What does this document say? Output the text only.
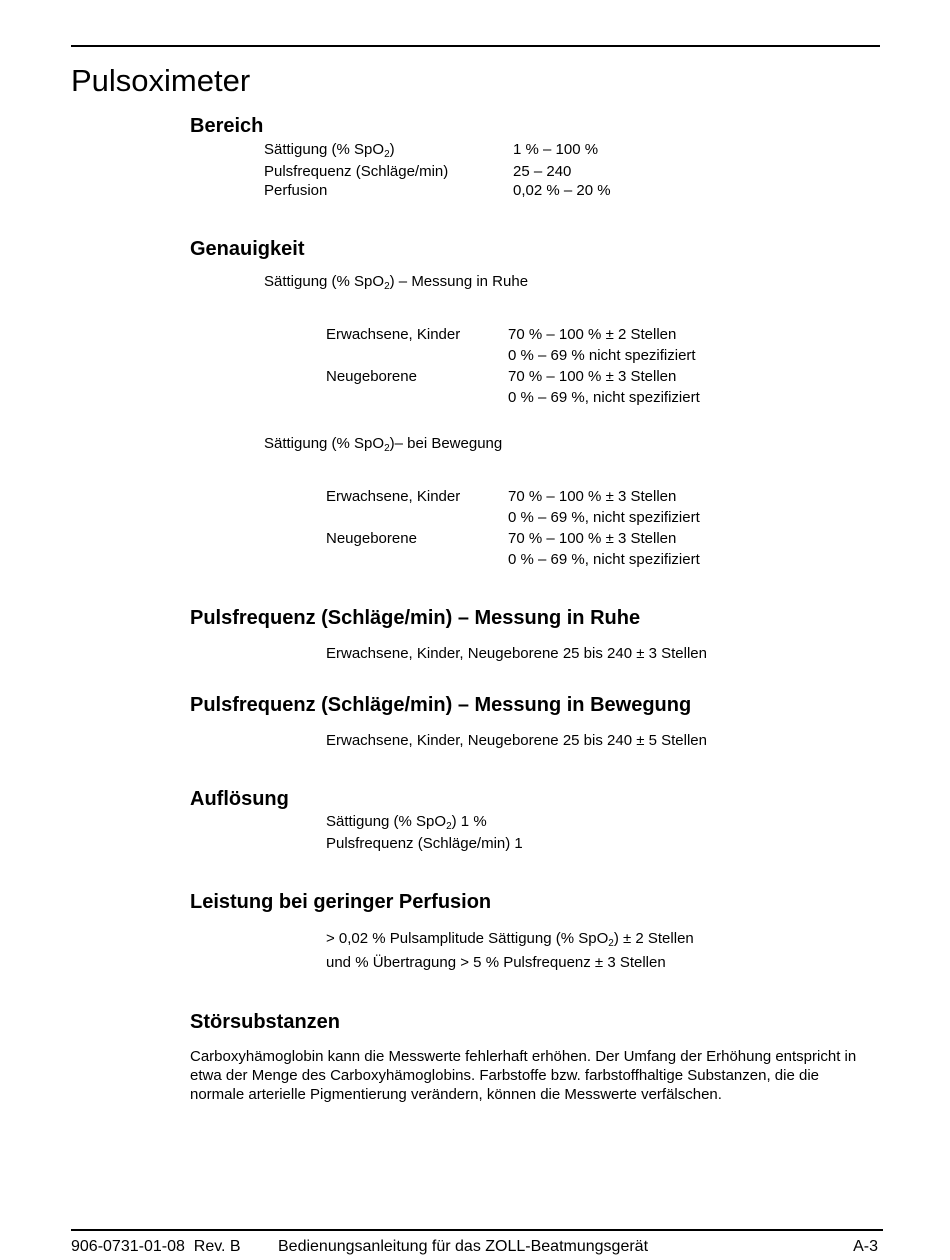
Pulsoximeter
Bereich
Sättigung (% SpO$_2$)	1 % – 100 %
Pulsfrequenz (Schläge/min)	25 – 240
Perfusion	0,02 % – 20 %
Genauigkeit
Sättigung (% SpO$_2$) – Messung in Ruhe
Erwachsene, Kinder	70 % – 100 % ± 2 Stellen
0 % – 69 % nicht spezifiziert
Neugeborene	70 % – 100 % ± 3 Stellen
0 % – 69 %, nicht spezifiziert
Sättigung (% SpO$_2$)– bei Bewegung
Erwachsene, Kinder	70 % – 100 % ± 3 Stellen
0 % – 69 %, nicht spezifiziert
Neugeborene	70 % – 100 % ± 3 Stellen
0 % – 69 %, nicht spezifiziert
Pulsfrequenz (Schläge/min) – Messung in Ruhe
Erwachsene, Kinder, Neugeborene 25 bis 240 ± 3 Stellen
Pulsfrequenz (Schläge/min) – Messung in Bewegung
Erwachsene, Kinder, Neugeborene 25 bis 240 ± 5 Stellen
Auflösung
Sättigung (% SpO$_2$) 1 %
Pulsfrequenz (Schläge/min) 1
Leistung bei geringer Perfusion
> 0,02 % Pulsamplitude Sättigung (% SpO$_2$) ± 2 Stellen
und % Übertragung > 5 % Pulsfrequenz ± 3 Stellen
Störsubstanzen
Carboxyhämoglobin kann die Messwerte fehlerhaft erhöhen. Der Umfang der Erhöhung entspricht in
etwa der Menge des Carboxyhämoglobins. Farbstoffe bzw. farbstoffhaltige Substanzen, die die
normale arterielle Pigmentierung verändern, können die Messwerte verfälschen.
906-0731-01-08  Rev. B Bedienungsanleitung für das ZOLL-Beatmungsgerät	A-3
